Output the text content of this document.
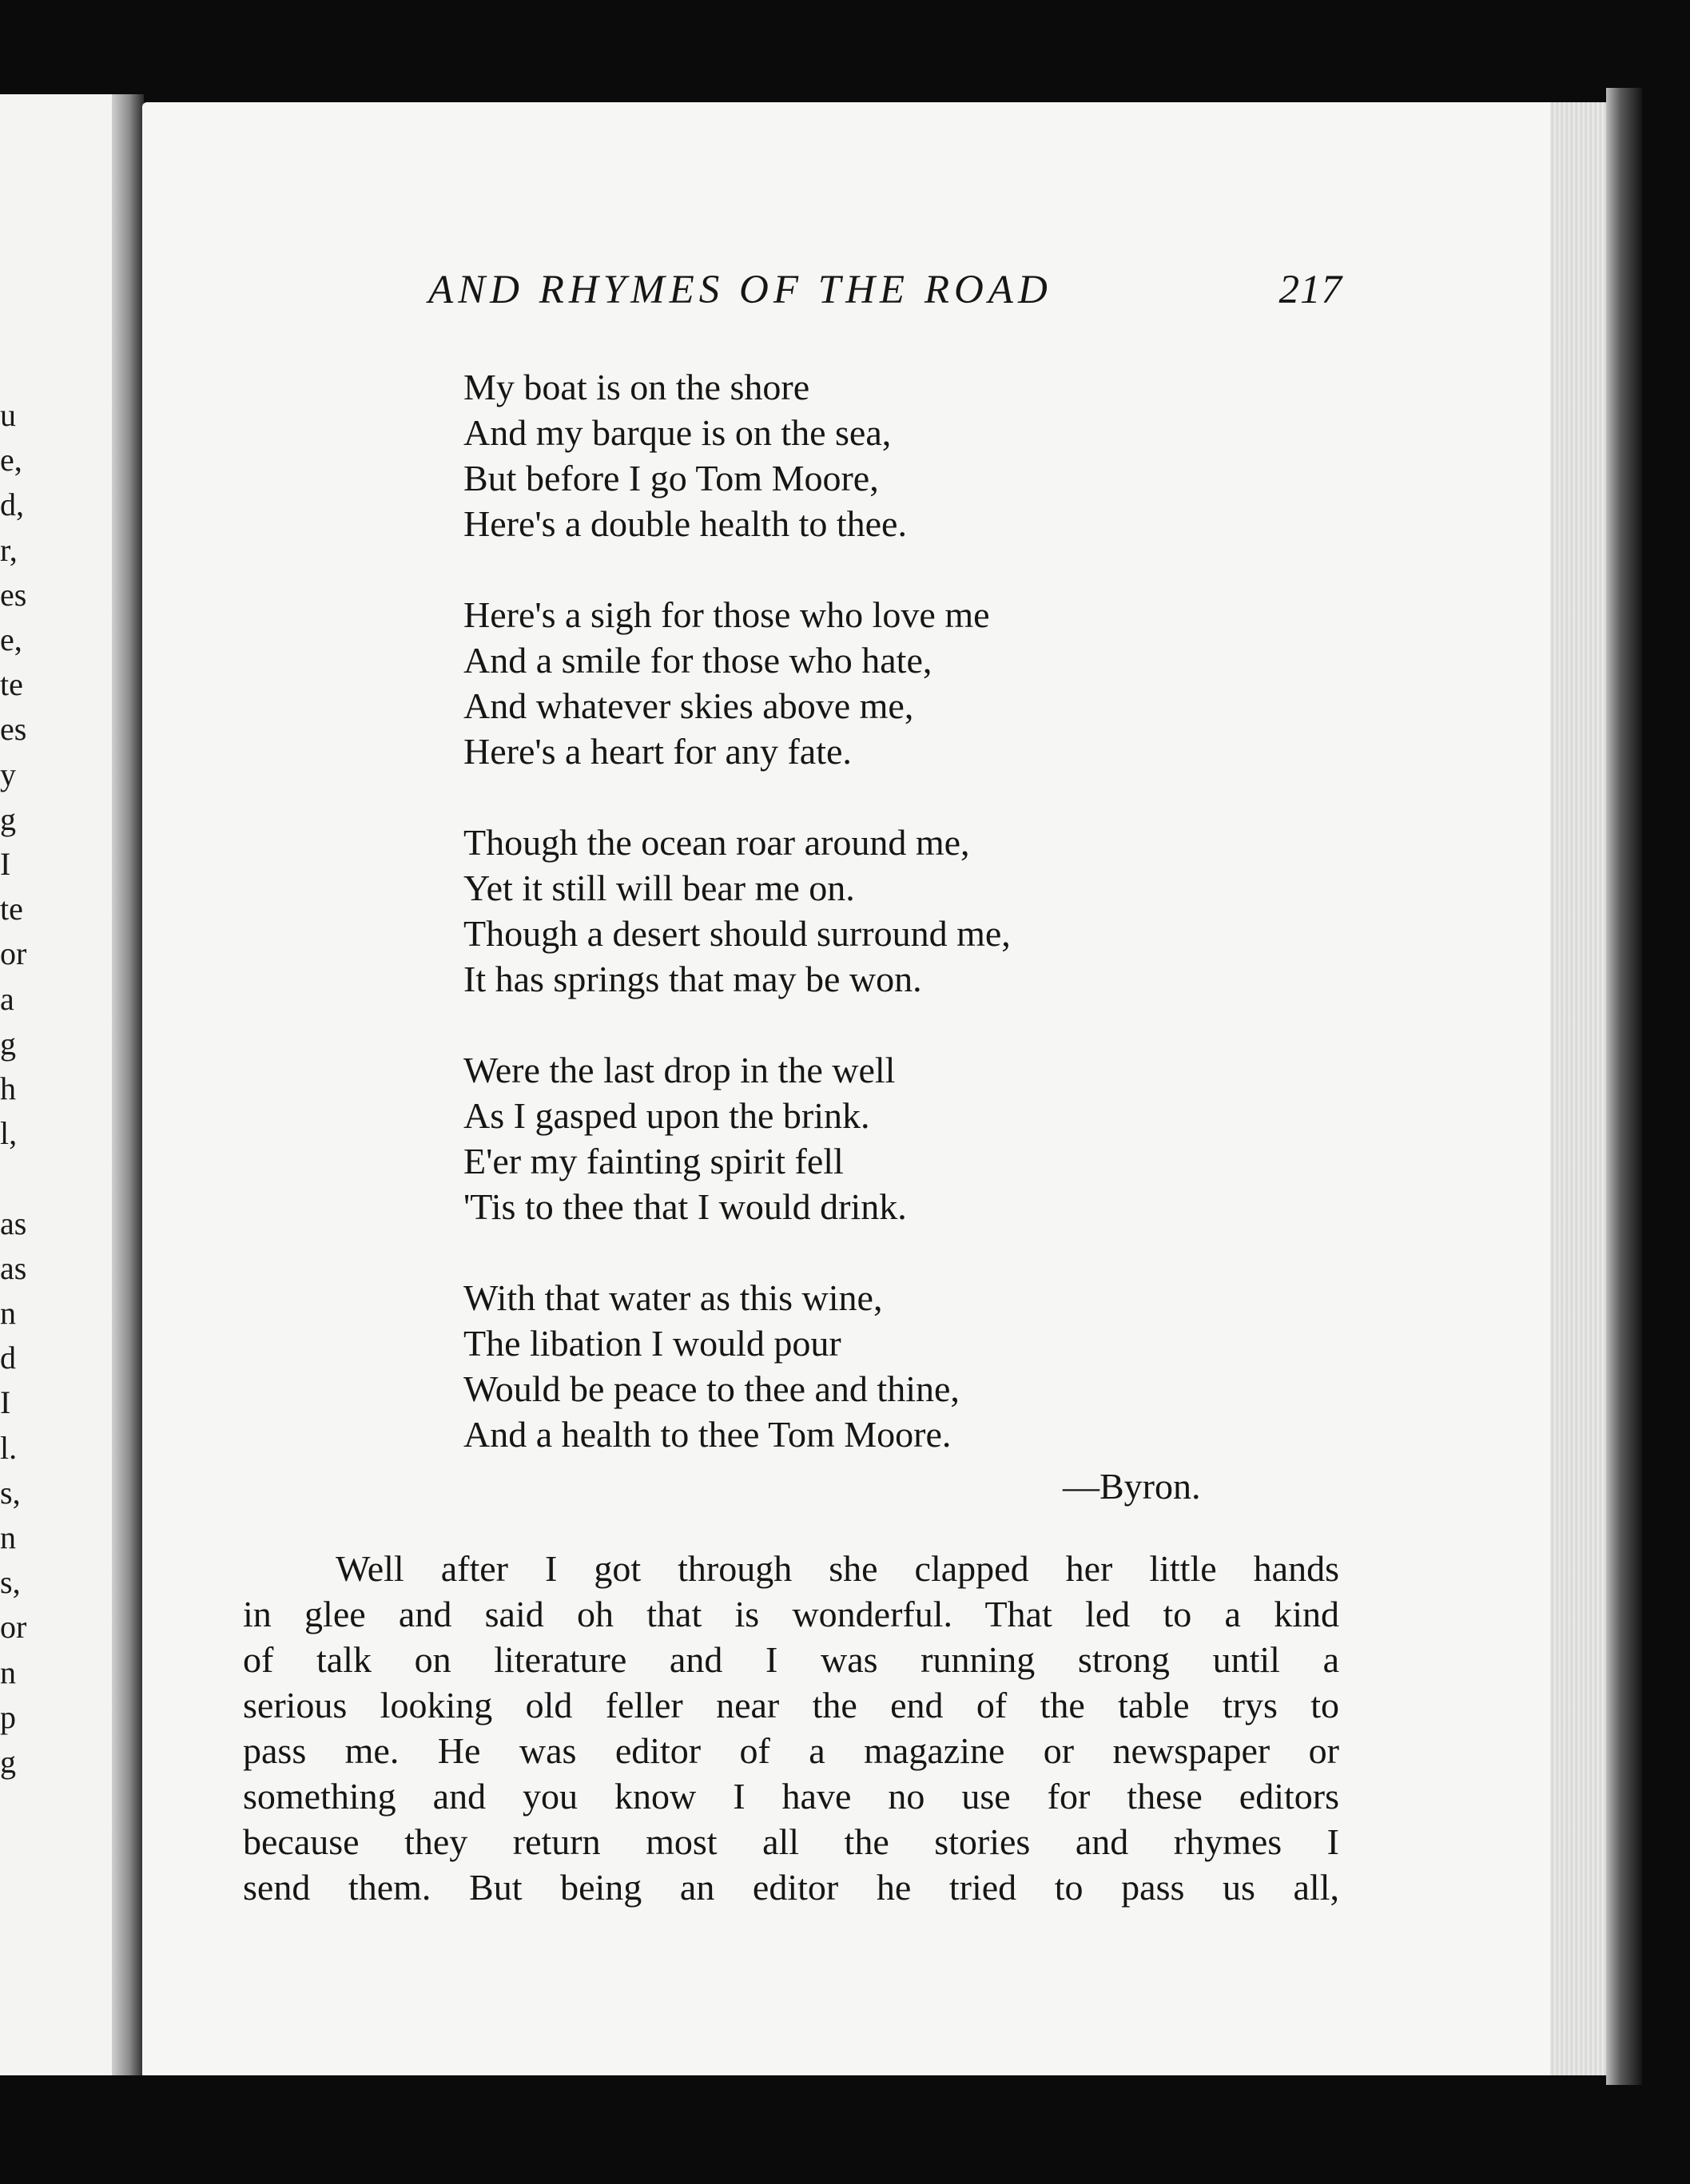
u
e,
d,
r,
es
e,
te
es
y
g
I
te
or
a
g
h
l,
as
as
n
d
I
l.
s,
n
s,
or
n
p
g
AND RHYMES OF THE ROAD	217
My boat is on the shore
And my barque is on the sea,
But before I go Tom Moore,
Here's a double health to thee.
Here's a sigh for those who love me
And a smile for those who hate,
And whatever skies above me,
Here's a heart for any fate.
Though the ocean roar around me,
Yet it still will bear me on.
Though a desert should surround me,
It has springs that may be won.
Were the last drop in the well
As I gasped upon the brink.
E'er my fainting spirit fell
'Tis to thee that I would drink.
With that water as this wine,
The libation I would pour
Would be peace to thee and thine,
And a health to thee Tom Moore.
—Byron.
Well after I got through she clapped her little hands
in glee and said oh that is wonderful. That led to a kind
of talk on literature and I was running strong until a
serious looking old feller near the end of the table trys to
pass me. He was editor of a magazine or newspaper or
something and you know I have no use for these editors
because they return most all the stories and rhymes I
send them. But being an editor he tried to pass us all,
